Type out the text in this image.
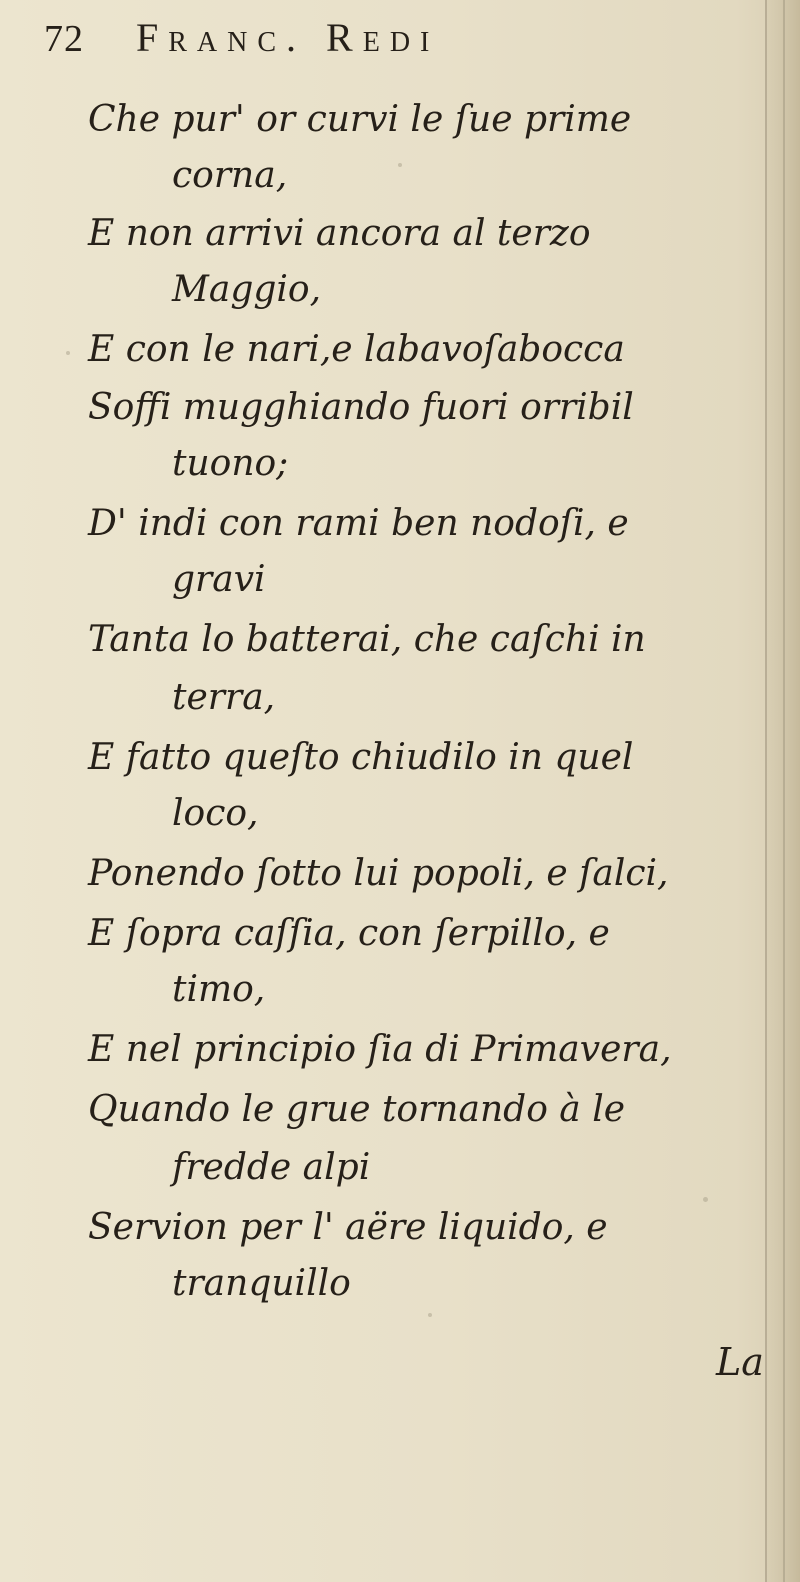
72 Franc. Redi
Che pur' or curvi le ſue prime
corna,
E non arrivi ancora al terzo
Maggio,
E con le nari,e labavoſabocca
Soffi mugghiando fuori orribil
tuono;
D' indi con rami ben nodoſi, e
gravi
Tanta lo batterai, che caſchi in
terra,
E fatto queſto chiudilo in quel
loco,
Ponendo ſotto lui popoli, e ſalci,
E ſopra caſſia, con ſerpillo, e
timo,
E nel principio ſia di Primavera,
Quando le grue tornando à le
fredde alpi
Servion per l' aëre liquido, e
tranquillo
La
